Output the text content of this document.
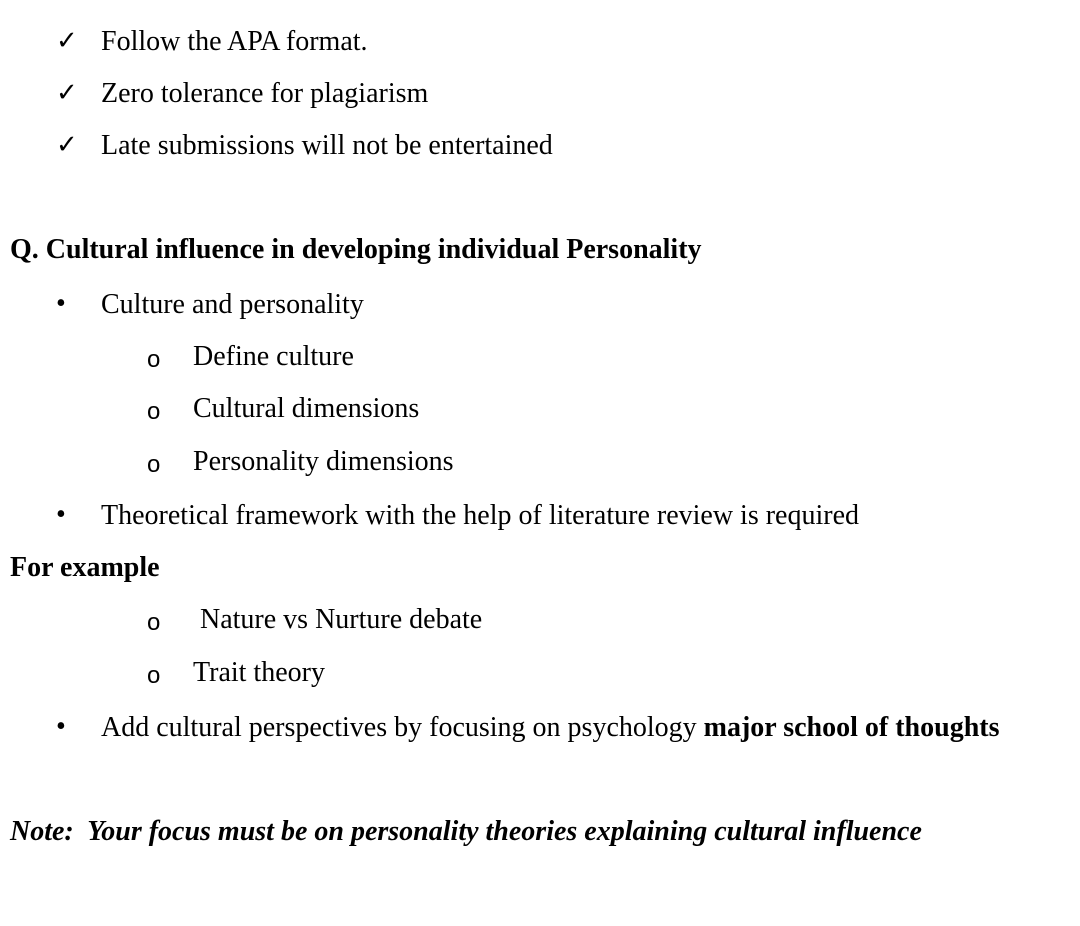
✓ Follow the APA format.
✓ Zero tolerance for plagiarism
✓ Late submissions will not be entertained
Q. Cultural influence in developing individual Personality
• Culture and personality
o Define culture
o Cultural dimensions
o Personality dimensions
• Theoretical framework with the help of literature review is required
For example
o Nature vs Nurture debate
o Trait theory
• Add cultural perspectives by focusing on psychology major school of thoughts
Note:  Your focus must be on personality theories explaining cultural influence
